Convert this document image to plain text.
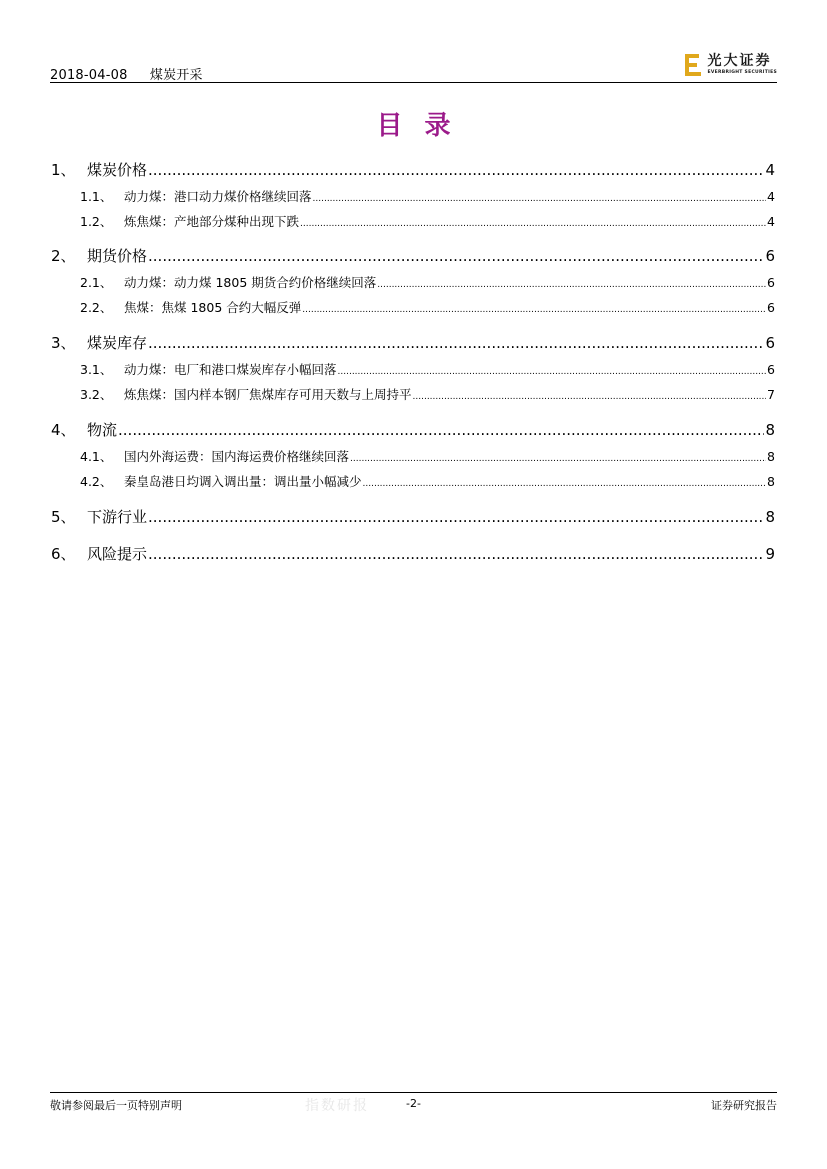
2018-04-08 煤炭开采
光大证券
EVERBRIGHT SECURITIES
目录
1、 煤炭价格 .....	4
1.1、 动力煤：港口动力煤价格继续回落 .....	4
1.2、 炼焦煤：产地部分煤种出现下跌 .....	4
2、 期货价格 .....	6
2.1、 动力煤：动力煤 1805 期货合约价格继续回落 .....	6
2.2、 焦煤：焦煤 1805 合约大幅反弹 .....	6
3、 煤炭库存 .....	6
3.1、 动力煤：电厂和港口煤炭库存小幅回落 .....	6
3.2、 炼焦煤：国内样本钢厂焦煤库存可用天数与上周持平 .....	7
4、 物流 .....	8
4.1、 国内外海运费：国内海运费价格继续回落 .....	8
4.2、 秦皇岛港日均调入调出量：调出量小幅减少 .....	8
5、 下游行业 .....	8
6、 风险提示 .....	9
敬请参阅最后一页特别声明	指数研报	-2-	证券研究报告
